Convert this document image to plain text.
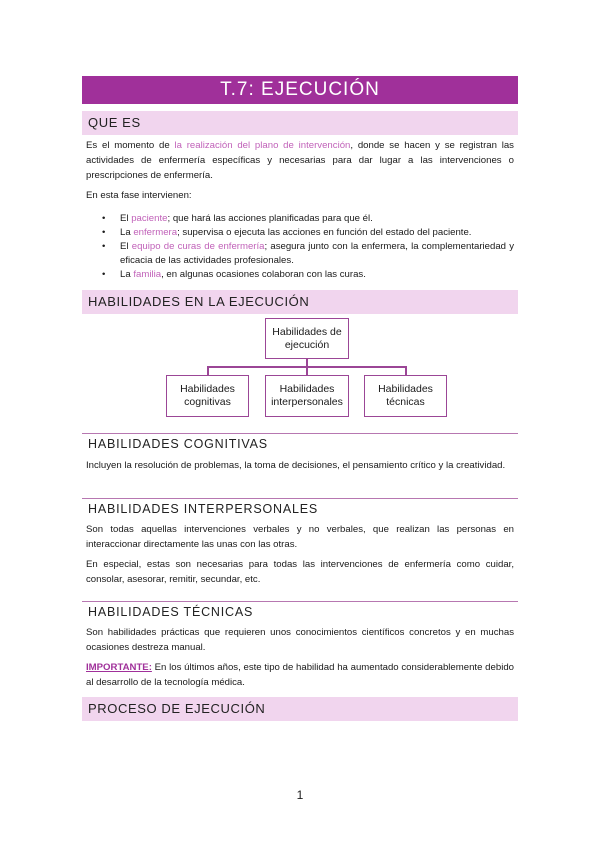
T.7: EJECUCIÓN
QUE ES

Es el momento de la realización del plano de intervención, donde se hacen y se registran las actividades de enfermería específicas y necesarias para dar lugar a las intervenciones o prescripciones de enfermería.

En esta fase intervienen:

• El paciente; que hará las acciones planificadas para que él.
• La enfermera; supervisa o ejecuta las acciones en función del estado del paciente.
• El equipo de curas de enfermería; asegura junto con la enfermera, la complementariedad y eficacia de las actividades profesionales.
• La familia, en algunas ocasiones colaboran con las curas.
HABILIDADES EN LA EJECUCIÓN
Habilidades de ejecución
Habilidades cognitivas
Habilidades interpersonales
Habilidades técnicas
HABILIDADES COGNITIVAS

Incluyen la resolución de problemas, la toma de decisiones, el pensamiento crítico y la creatividad.

HABILIDADES INTERPERSONALES

Son todas aquellas intervenciones verbales y no verbales, que realizan las personas en interaccionar directamente las unas con las otras.

En especial, estas son necesarias para todas las intervenciones de enfermería como cuidar, consolar, asesorar, remitir, secundar, etc.

HABILIDADES TÉCNICAS

Son habilidades prácticas que requieren unos conocimientos científicos concretos y en muchas ocasiones destreza manual.

IMPORTANTE: En los últimos años, este tipo de habilidad ha aumentado considerablemente debido al desarrollo de la tecnología médica.

PROCESO DE EJECUCIÓN
1
